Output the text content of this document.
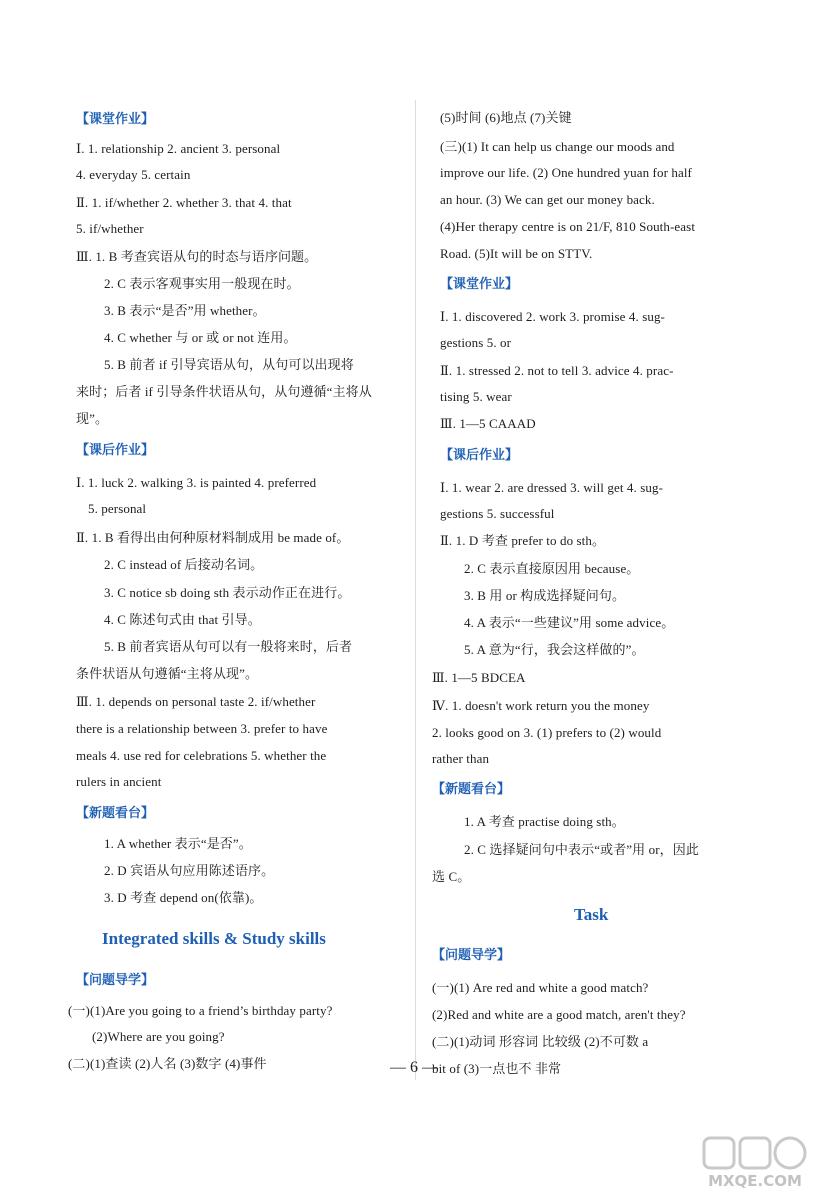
【课堂作业】
Ⅰ. 1. relationship 2. ancient 3. personal
4. everyday 5. certain
Ⅱ. 1. if/whether 2. whether 3. that 4. that
5. if/whether
Ⅲ. 1. B 考查宾语从句的时态与语序问题。
2. C 表示客观事实用一般现在时。
3. B 表示“是否”用 whether。
4. C whether 与 or 或 or not 连用。
5. B 前者 if 引导宾语从句，从句可以出现将
来时；后者 if 引导条件状语从句，从句遵循“主将从
现”。
【课后作业】
Ⅰ. 1. luck 2. walking 3. is painted 4. preferred
5. personal
Ⅱ. 1. B 看得出由何种原材料制成用 be made of。
2. C instead of 后接动名词。
3. C notice sb doing sth 表示动作正在进行。
4. C 陈述句式由 that 引导。
5. B 前者宾语从句可以有一般将来时，后者
条件状语从句遵循“主将从现”。
Ⅲ. 1. depends on personal taste 2. if/whether
there is a relationship between 3. prefer to have
meals 4. use red for celebrations 5. whether the
rulers in ancient
【新题看台】
1. A whether 表示“是否”。
2. D 宾语从句应用陈述语序。
3. D 考查 depend on(依靠)。
Integrated skills & Study skills
【问题导学】
(一)(1)Are you going to a friend’s birthday party?
(2)Where are you going?
(二)(1)查读 (2)人名 (3)数字 (4)事件
(5)时间 (6)地点 (7)关键
(三)(1) It can help us change our moods and
improve our life. (2) One hundred yuan for half
an hour. (3) We can get our money back.
(4)Her therapy centre is on 21/F, 810 South-east
Road. (5)It will be on STTV.
【课堂作业】
Ⅰ. 1. discovered 2. work 3. promise 4. sug-
gestions 5. or
Ⅱ. 1. stressed 2. not to tell 3. advice 4. prac-
tising 5. wear
Ⅲ. 1—5 CAAAD
【课后作业】
Ⅰ. 1. wear 2. are dressed 3. will get 4. sug-
gestions 5. successful
Ⅱ. 1. D 考查 prefer to do sth。
2. C 表示直接原因用 because。
3. B 用 or 构成选择疑问句。
4. A 表示“一些建议”用 some advice。
5. A 意为“行，我会这样做的”。
Ⅲ. 1—5 BDCEA
Ⅳ. 1. doesn't work return you the money
2. looks good on 3. (1) prefers to (2) would
rather than
【新题看台】
1. A 考查 practise doing sth。
2. C 选择疑问句中表示“或者”用 or，因此
选 C。
Task
【问题导学】
(一)(1) Are red and white a good match?
(2)Red and white are a good match, aren't they?
(二)(1)动词 形容词 比较级 (2)不可数 a
bit of (3)一点也不 非常
— 6 —
MXQE.COM
